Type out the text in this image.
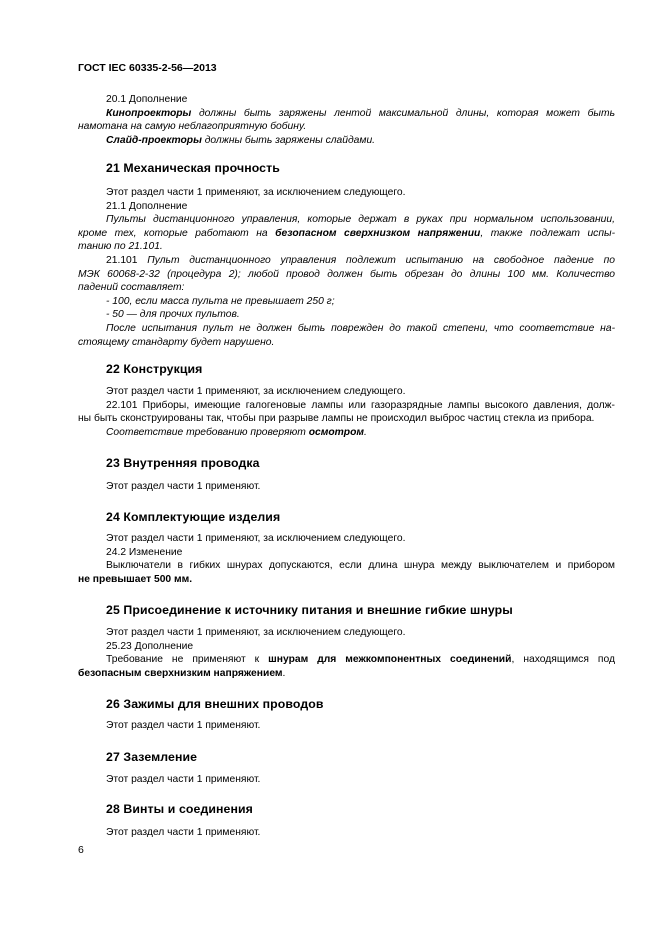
ГОСТ IEC 60335-2-56—2013

20.1 Дополнение

Кинопроекторы должны быть заряжены лентой максимальной длины, которая может быть

намотана на самую неблагоприятную бобину.

Слайд-проекторы должны быть заряжены слайдами.

21 Механическая прочность

Этот раздел части 1 применяют, за исключением следующего.

21.1 Дополнение

Пульты дистанционного управления, которые держат в руках при нормальном использовании,

кроме тех, которые работают на безопасном сверхнизком напряжении, также подлежат испы-

танию по 21.101.

21.101 Пульт дистанционного управления подлежит испытанию на свободное падение по

МЭК 60068-2-32 (процедура 2); любой провод должен быть обрезан до длины 100 мм. Количество

падений составляет:

- 100, если масса пульта не превышает 250 г;

- 50 — для прочих пультов.

После испытания пульт не должен быть поврежден до такой степени, что соответствие на-

стоящему стандарту будет нарушено.

22 Конструкция

Этот раздел части 1 применяют, за исключением следующего.

22.101 Приборы, имеющие галогеновые лампы или газоразрядные лампы высокого давления, долж-

ны быть сконструированы так, чтобы при разрыве лампы не происходил выброс частиц стекла из прибора.

Соответствие требованию проверяют осмотром.

23 Внутренняя проводка

Этот раздел части 1 применяют.

24 Комплектующие изделия

Этот раздел части 1 применяют, за исключением следующего.

24.2 Изменение

Выключатели в гибких шнурах допускаются, если длина шнура между выключателем и прибором

не превышает 500 мм.

25 Присоединение к источнику питания и внешние гибкие шнуры

Этот раздел части 1 применяют, за исключением следующего.

25.23 Дополнение

Требование не применяют к шнурам для межкомпонентных соединений, находящимся под

безопасным сверхнизким напряжением.

26 Зажимы для внешних проводов

Этот раздел части 1 применяют.

27 Заземление

Этот раздел части 1 применяют.

28 Винты и соединения

Этот раздел части 1 применяют.

6
